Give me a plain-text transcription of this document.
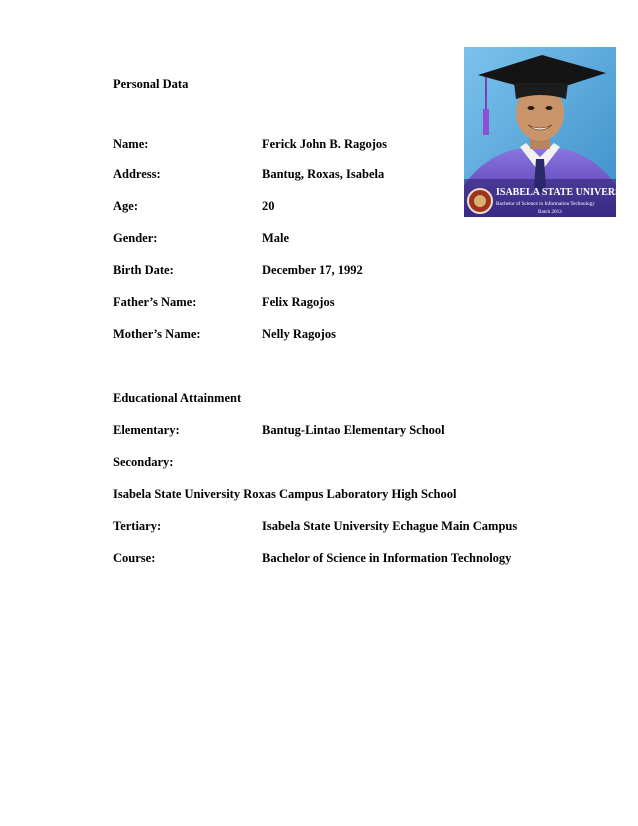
Personal Data
Name:	Ferick John B. Ragojos
Address:	Bantug, Roxas, Isabela
Age:	20
Gender:	Male
Birth Date:	December 17, 1992
Father’s Name:	Felix Ragojos
Mother’s Name:	Nelly Ragojos
Educational Attainment
Elementary:	Bantug-Lintao Elementary School
Secondary:
Isabela State University Roxas Campus Laboratory High School
Tertiary:	Isabela State University Echague Main Campus
Course:	Bachelor of Science in Information Technology
ISABELA STATE UNIVERSITY
Bachelor of Science in Information Technology
Batch 2013
